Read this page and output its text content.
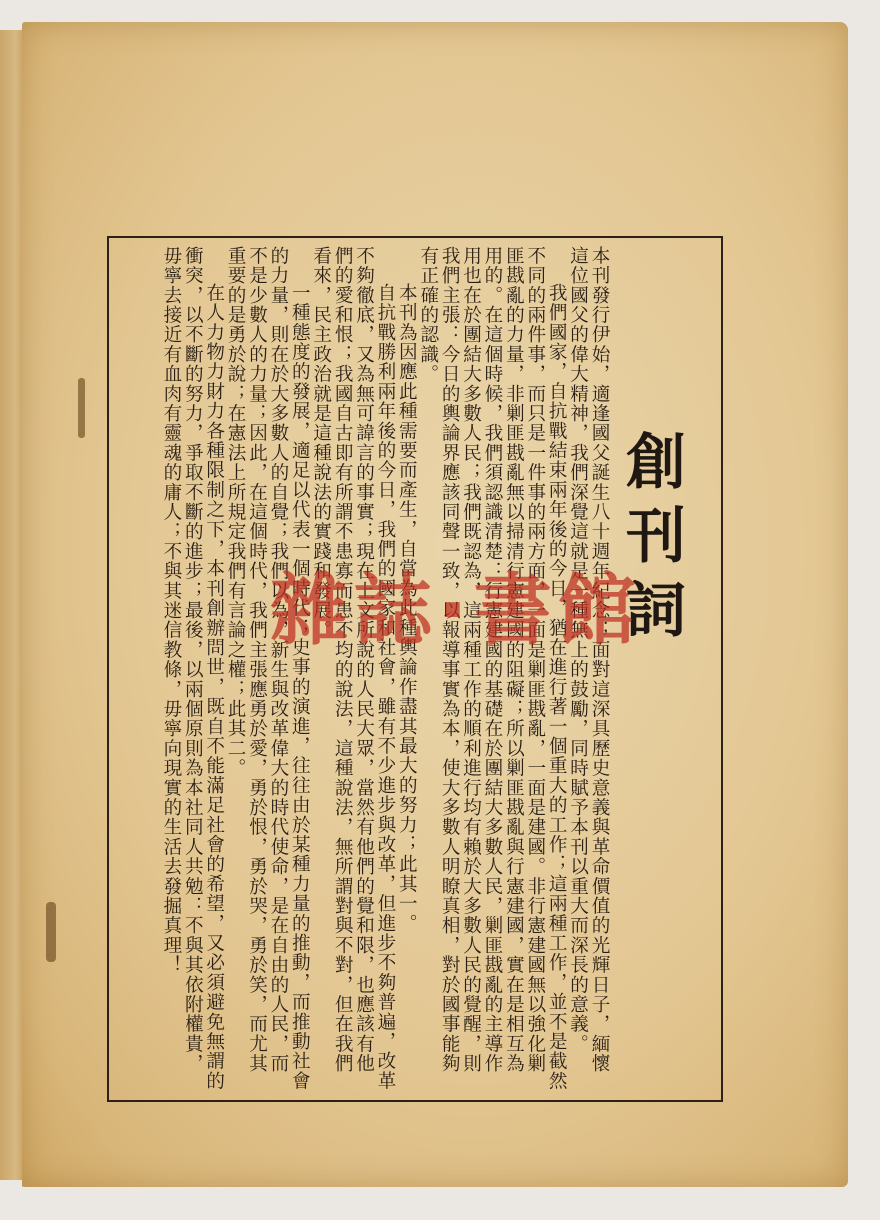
本刊發行伊始，適逢國父誕生八十週年紀念；面對這深具歷史意義與革命價值的光輝日子，緬懷這位國父的偉大精神，我們深覺這就是一種無上的鼓勵，同時賦予本刊以重大而深長的意義。

我們國家，自抗戰結束兩年後的今日，猶在進行著一個重大的工作；這兩種工作，並不是截然不同的兩件事，而只是一件事的兩方面，一面是剿匪戡亂，一面是建國。非行憲建國無以強化剿匪戡亂的力量，非剿匪戡亂無以掃清行憲建國的阻礙；所以剿匪戡亂與行憲建國，實在是相互為用的。在這個時候，我們須認識清楚：行憲建國的基礎在於團結大多數人民，剿匪戡亂的主導作用也在於團結大多數人民；我們既認為，這兩種工作的順利進行均有賴於大多數人民的覺醒，則我們主張：今日的輿論界應該同聲一致，以報導事實為本，使大多數人明瞭真相，對於國事能夠有正確的認識。

本刊為因應此種需要而產生，自當為此種輿論作盡其最大的努力；此其一。

自抗戰勝利兩年後的今日，我們的國家和社會，雖有不少進步與改革，但進步不夠普遍，改革不夠徹底，又為無可諱言的事實；現在上文所說的人民大眾，當然有他們的覺和限，也應該有他們的愛和恨；我國自古即有所謂不患寡而患不均的說法，這種說法，無所謂對與不對，但在我們看來，民主政治就是這種說法的實踐和發展。

一種態度的發展，適足以代表一個時代；史事的演進，往往由於某種力量的推動，而推動社會的力量，則在於大多數人的自覺；我們以為，新生與改革偉大的時代使命，是在自由的人民，而不是少數人的力量；因此，在這個時代，我們主張應勇於愛，勇於恨，勇於哭，勇於笑，而尤其重要的是勇於說；在憲法上所規定我們有言論之權；此其二。

在人力物力財力各種限制之下，本刊創辦問世，既自不能滿足社會的希望，又必須避免無謂的衝突，以不斷的努力，爭取不斷的進步；最後，以兩個原則為本社同人共勉：不與其依附權貴，毋寧去接近有血肉有靈魂的庸人；不與其迷信教條，毋寧向現實的生活去發掘真理！	創刊詞
雜誌·書館
